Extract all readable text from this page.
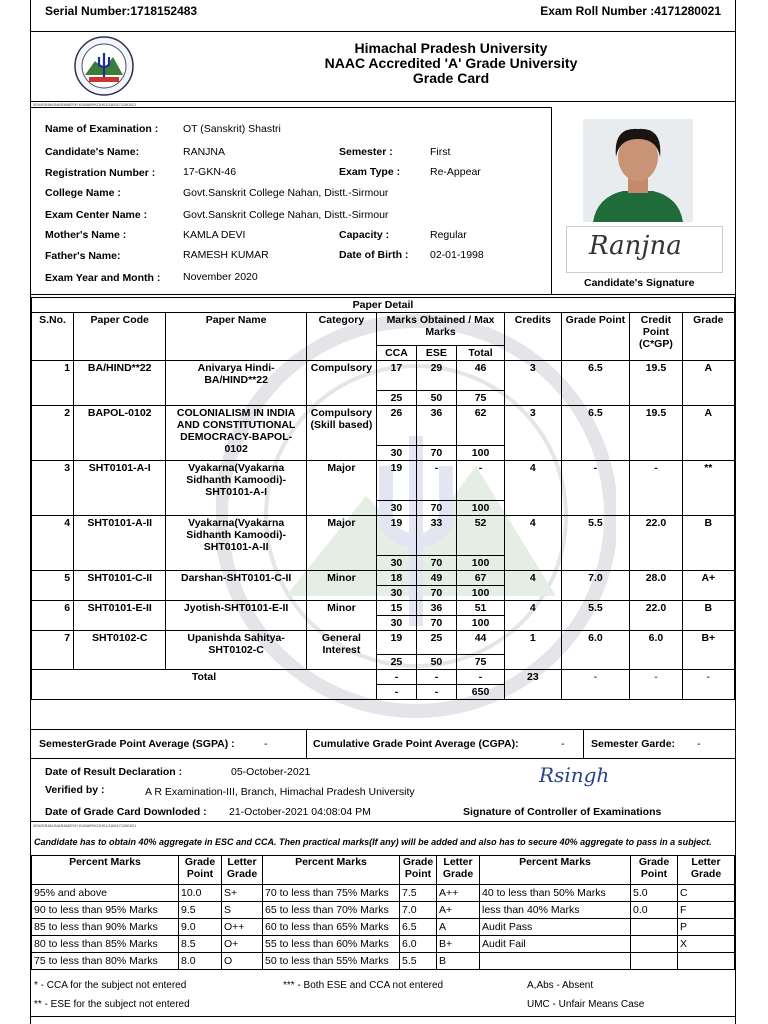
Serial Number:1718152483	Exam Roll Number :4171280021
Himachal Pradesh University
NAAC Accredited 'A' Grade University
Grade Card
3094SRANJNARAMESH KUMAR/KOH01/18/0471280021
Name of Examination : OT (Sanskrit) Shastri
Candidate's Name:	RANJNA	Semester :	First
Registration Number :	17-GKN-46	Exam Type :	Re-Appear
College Name :	Govt.Sanskrit College Nahan, Distt.-Sirmour
Exam Center Name :	Govt.Sanskrit College Nahan, Distt.-Sirmour
Mother's Name :	KAMLA DEVI	Capacity :	Regular
Father's Name:	RAMESH KUMAR	Date of Birth : 02-01-1998
Exam Year and Month : November 2020
Ranjna
Candidate's Signature
Paper Detail										
S.No.	Paper Code	Paper Name	Category	Marks Obtained / Max Marks			Credits	Grade Point	Credit Point (C*GP)	Grade
				CCA	ESE	Total				
1	BA/HIND**22	Anivarya Hindi-BA/HIND**22	Compulsory	17	29	46	3	6.5	19.5	A
				25	50	75				
2	BAPOL-0102	COLONIALISM IN INDIA AND CONSTITUTIONAL DEMOCRACY-BAPOL-0102	Compulsory (Skill based)	26	36	62	3	6.5	19.5	A
				30	70	100				
3	SHT0101-A-I	Vyakarna(Vyakarna Sidhanth Kamoodi)-SHT0101-A-I	Major	19	-	-	4	-	-	**
				30	70	100				
4	SHT0101-A-II	Vyakarna(Vyakarna Sidhanth Kamoodi)-SHT0101-A-II	Major	19	33	52	4	5.5	22.0	B
				30	70	100				
5	SHT0101-C-II	Darshan-SHT0101-C-II	Minor	18	49	67	4	7.0	28.0	A+
				30	70	100				
6	SHT0101-E-II	Jyotish-SHT0101-E-II	Minor	15	36	51	4	5.5	22.0	B
				30	70	100				
7	SHT0102-C	Upanishda Sahitya-SHT0102-C	General Interest	19	25	44	1	6.0	6.0	B+
				25	50	75				
Total				-	-	-	23	-	-	-
				-	-	650				
SemesterGrade Point Average (SGPA) :	-	Cumulative Grade Point Average (CGPA):	-	Semester Garde: -
Date of Result Declaration :	05-October-2021
Verified by :	A R Examination-III, Branch, Himachal Pradesh University
Date of Grade Card Downloded : 21-October-2021 04:08:04 PM
Rsingh
Signature of Controller of Examinations
3094SRANJNARAMESH KUMAR/KOH01/18/0471280021
Candidate has to obtain 40% aggregate in ESC and CCA. Then practical marks(If any) will be added and also has to secure 40% aggregate to pass in a subject.
Percent Marks	Grade Point	Letter Grade	Percent Marks	Grade Point	Letter Grade	Percent Marks	Grade Point	Letter Grade
95% and above	10.0	S+	70 to less than 75% Marks	7.5	A++	40 to less than 50% Marks	5.0	C
90 to less than 95% Marks	9.5	S	65 to less than 70% Marks	7.0	A+	less than 40% Marks	0.0	F
85 to less than 90% Marks	9.0	O++	60 to less than 65% Marks	6.5	A	Audit Pass		P
80 to less than 85% Marks	8.5	O+	55 to less than 60% Marks	6.0	B+	Audit Fail		X
75 to less than 80% Marks	8.0	O	50 to less than 55% Marks	5.5	B			
* - CCA for the subject not entered	*** - Both ESE and CCA not entered	A,Abs - Absent
** - ESE for the subject not entered	UMC - Unfair Means Case
